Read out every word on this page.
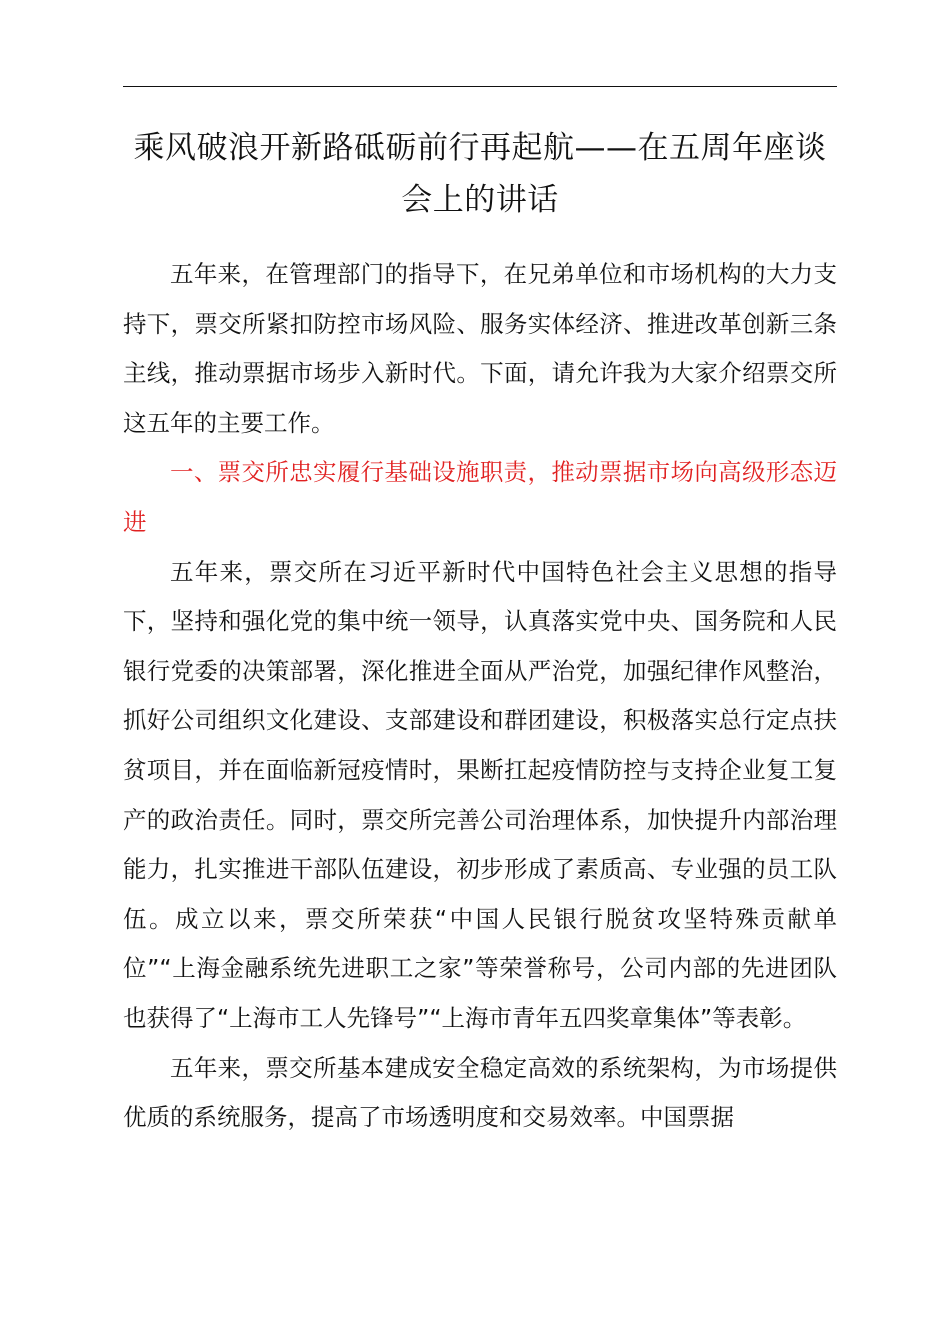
乘风破浪开新路砥砺前行再起航——在五周年座谈会上的讲话

五年来，在管理部门的指导下，在兄弟单位和市场机构的大力支持下，票交所紧扣防控市场风险、服务实体经济、推进改革创新三条主线，推动票据市场步入新时代。下面，请允许我为大家介绍票交所这五年的主要工作。

一、票交所忠实履行基础设施职责，推动票据市场向高级形态迈进

五年来，票交所在习近平新时代中国特色社会主义思想的指导下，坚持和强化党的集中统一领导，认真落实党中央、国务院和人民银行党委的决策部署，深化推进全面从严治党，加强纪律作风整治，抓好公司组织文化建设、支部建设和群团建设，积极落实总行定点扶贫项目，并在面临新冠疫情时，果断扛起疫情防控与支持企业复工复产的政治责任。同时，票交所完善公司治理体系，加快提升内部治理能力，扎实推进干部队伍建设，初步形成了素质高、专业强的员工队伍。成立以来，票交所荣获“中国人民银行脱贫攻坚特殊贡献单位”“上海金融系统先进职工之家”等荣誉称号，公司内部的先进团队也获得了“上海市工人先锋号”“上海市青年五四奖章集体”等表彰。

五年来，票交所基本建成安全稳定高效的系统架构，为市场提供优质的系统服务，提高了市场透明度和交易效率。中国票据
